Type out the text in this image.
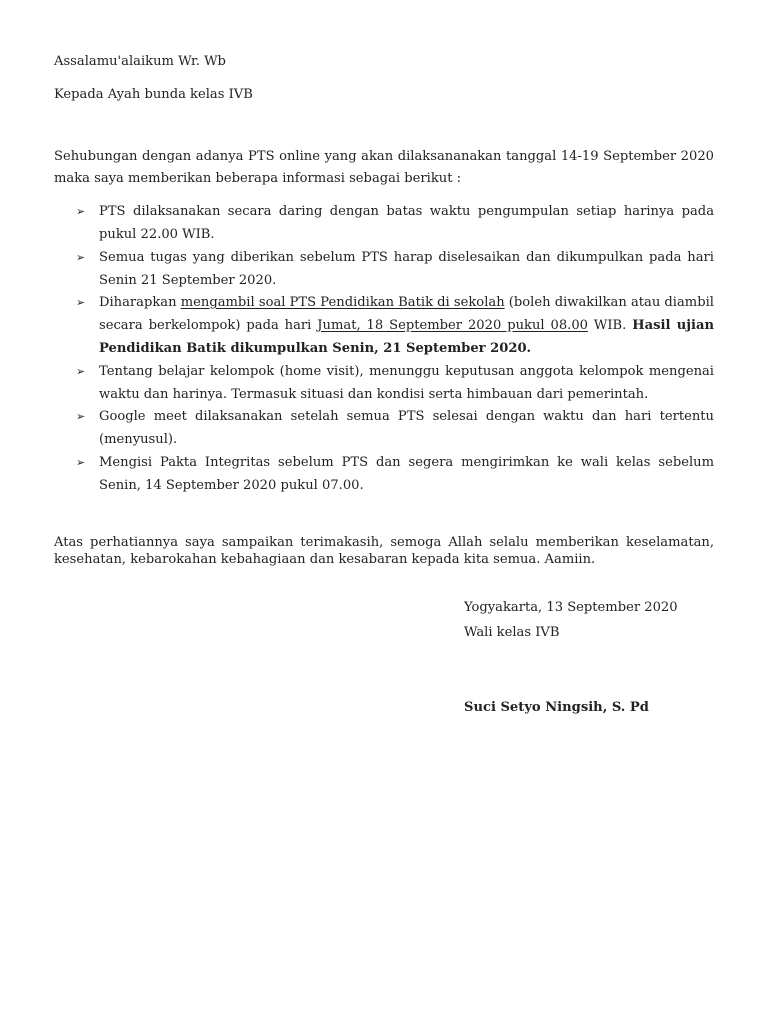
Assalamu'alaikum Wr. Wb
Kepada Ayah bunda kelas IVB
Sehubungan dengan adanya PTS online yang akan dilaksananakan tanggal 14-19 September 2020 maka saya memberikan beberapa informasi sebagai berikut :
➢ PTS dilaksanakan secara daring dengan batas waktu pengumpulan setiap harinya pada pukul 22.00 WIB.
➢ Semua tugas yang diberikan sebelum PTS harap diselesaikan dan dikumpulkan pada hari Senin 21 September 2020.
➢ Diharapkan mengambil soal PTS Pendidikan Batik di sekolah (boleh diwakilkan atau diambil secara berkelompok) pada hari Jumat, 18 September 2020 pukul 08.00 WIB. Hasil ujian Pendidikan Batik dikumpulkan Senin, 21 September 2020.
➢ Tentang belajar kelompok (home visit), menunggu keputusan anggota kelompok mengenai waktu dan harinya. Termasuk situasi dan kondisi serta himbauan dari pemerintah.
➢ Google meet dilaksanakan setelah semua PTS selesai dengan waktu dan hari tertentu (menyusul).
➢ Mengisi Pakta Integritas sebelum PTS dan segera mengirimkan ke wali kelas sebelum Senin, 14 September 2020 pukul 07.00.
Atas perhatiannya saya sampaikan terimakasih, semoga Allah selalu memberikan keselamatan, kesehatan, kebarokahan kebahagiaan dan kesabaran kepada kita semua. Aamiin.
Yogyakarta, 13 September 2020
Wali kelas IVB
Suci Setyo Ningsih, S. Pd
